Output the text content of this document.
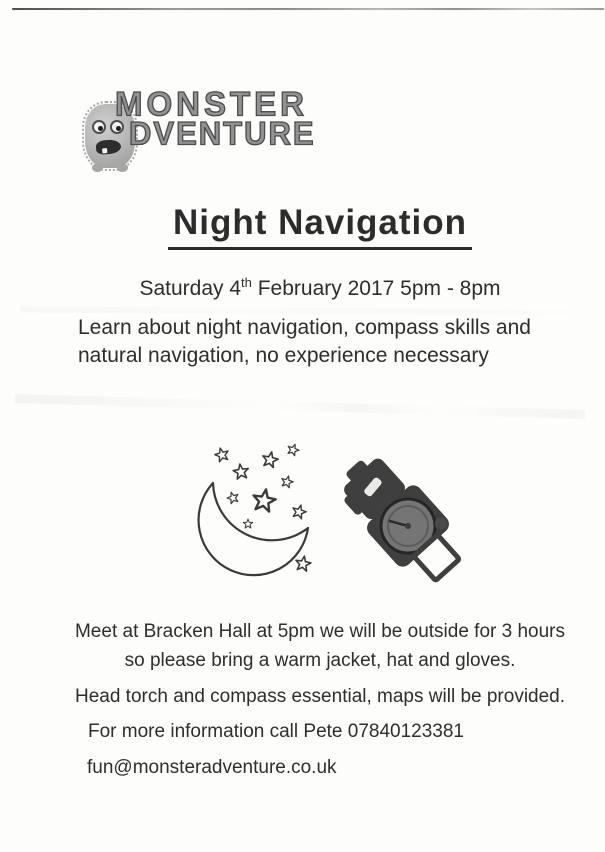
MONSTER
DVENTURE
Night Navigation
Saturday 4th February 2017 5pm - 8pm

Learn about night navigation, compass skills and
natural navigation, no experience necessary

Meet at Bracken Hall at 5pm we will be outside for 3 hours
so please bring a warm jacket, hat and gloves.

Head torch and compass essential, maps will be provided.

For more information call Pete 07840123381

fun@monsteradventure.co.uk
